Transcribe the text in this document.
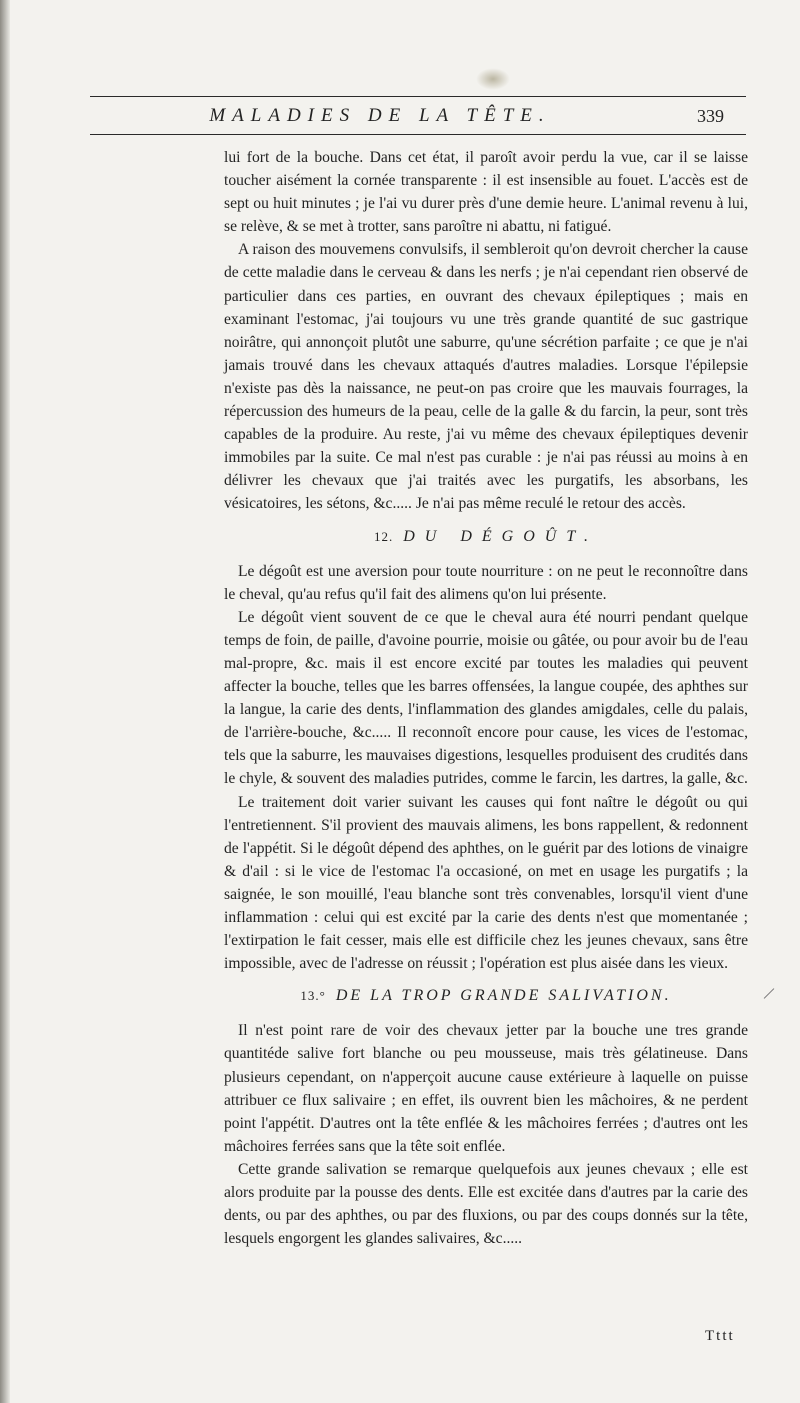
MALADIES DE LA TÊTE.	339

lui fort de la bouche. Dans cet état, il paroît avoir perdu la vue, car il se laisse toucher aisément la cornée transparente : il est insensible au fouet. L'accès est de sept ou huit minutes ; je l'ai vu durer près d'une demie heure. L'animal revenu à lui, se relève, & se met à trotter, sans paroître ni abattu, ni fatigué.

A raison des mouvemens convulsifs, il sembleroit qu'on devroit chercher la cause de cette maladie dans le cerveau & dans les nerfs ; je n'ai cependant rien observé de particulier dans ces parties, en ouvrant des chevaux épileptiques ; mais en examinant l'estomac, j'ai toujours vu une très grande quantité de suc gastrique noirâtre, qui annonçoit plutôt une saburre, qu'une sécrétion parfaite ; ce que je n'ai jamais trouvé dans les chevaux attaqués d'autres maladies. Lorsque l'épilepsie n'existe pas dès la naissance, ne peut-on pas croire que les mauvais fourrages, la répercussion des humeurs de la peau, celle de la galle & du farcin, la peur, sont très capables de la produire. Au reste, j'ai vu même des chevaux épileptiques devenir immobiles par la suite. Ce mal n'est pas curable : je n'ai pas réussi au moins à en délivrer les chevaux que j'ai traités avec les purgatifs, les absorbans, les vésicatoires, les sétons, &c..... Je n'ai pas même reculé le retour des accès.

12. DU DÉGOÛT.

Le dégoût est une aversion pour toute nourriture : on ne peut le reconnoître dans le cheval, qu'au refus qu'il fait des alimens qu'on lui présente.

Le dégoût vient souvent de ce que le cheval aura été nourri pendant quelque temps de foin, de paille, d'avoine pourrie, moisie ou gâtée, ou pour avoir bu de l'eau mal-propre, &c. mais il est encore excité par toutes les maladies qui peuvent affecter la bouche, telles que les barres offensées, la langue coupée, des aphthes sur la langue, la carie des dents, l'inflammation des glandes amigdales, celle du palais, de l'arrière-bouche, &c..... Il reconnoît encore pour cause, les vices de l'estomac, tels que la saburre, les mauvaises digestions, lesquelles produisent des crudités dans le chyle, & souvent des maladies putrides, comme le farcin, les dartres, la galle, &c.

Le traitement doit varier suivant les causes qui font naître le dégoût ou qui l'entretiennent. S'il provient des mauvais alimens, les bons rappellent, & redonnent de l'appétit. Si le dégoût dépend des aphthes, on le guérit par des lotions de vinaigre & d'ail : si le vice de l'estomac l'a occasioné, on met en usage les purgatifs ; la saignée, le son mouillé, l'eau blanche sont très convenables, lorsqu'il vient d'une inflammation : celui qui est excité par la carie des dents n'est que momentanée ; l'extirpation le fait cesser, mais elle est difficile chez les jeunes chevaux, sans être impossible, avec de l'adresse on réussit ; l'opération est plus aisée dans les vieux.

13.° DE LA TROP GRANDE SALIVATION.

Il n'est point rare de voir des chevaux jetter par la bouche une tres grande quantitéde salive fort blanche ou peu mousseuse, mais très gélatineuse. Dans plusieurs cependant, on n'apperçoit aucune cause extérieure à laquelle on puisse attribuer ce flux salivaire ; en effet, ils ouvrent bien les mâchoires, & ne perdent point l'appétit. D'autres ont la tête enflée & les mâchoires ferrées ; d'autres ont les mâchoires ferrées sans que la tête soit enflée.

Cette grande salivation se remarque quelquefois aux jeunes chevaux ; elle est alors produite par la pousse des dents. Elle est excitée dans d'autres par la carie des dents, ou par des aphthes, ou par des fluxions, ou par des coups donnés sur la tête, lesquels engorgent les glandes salivaires, &c.....

Tttt
